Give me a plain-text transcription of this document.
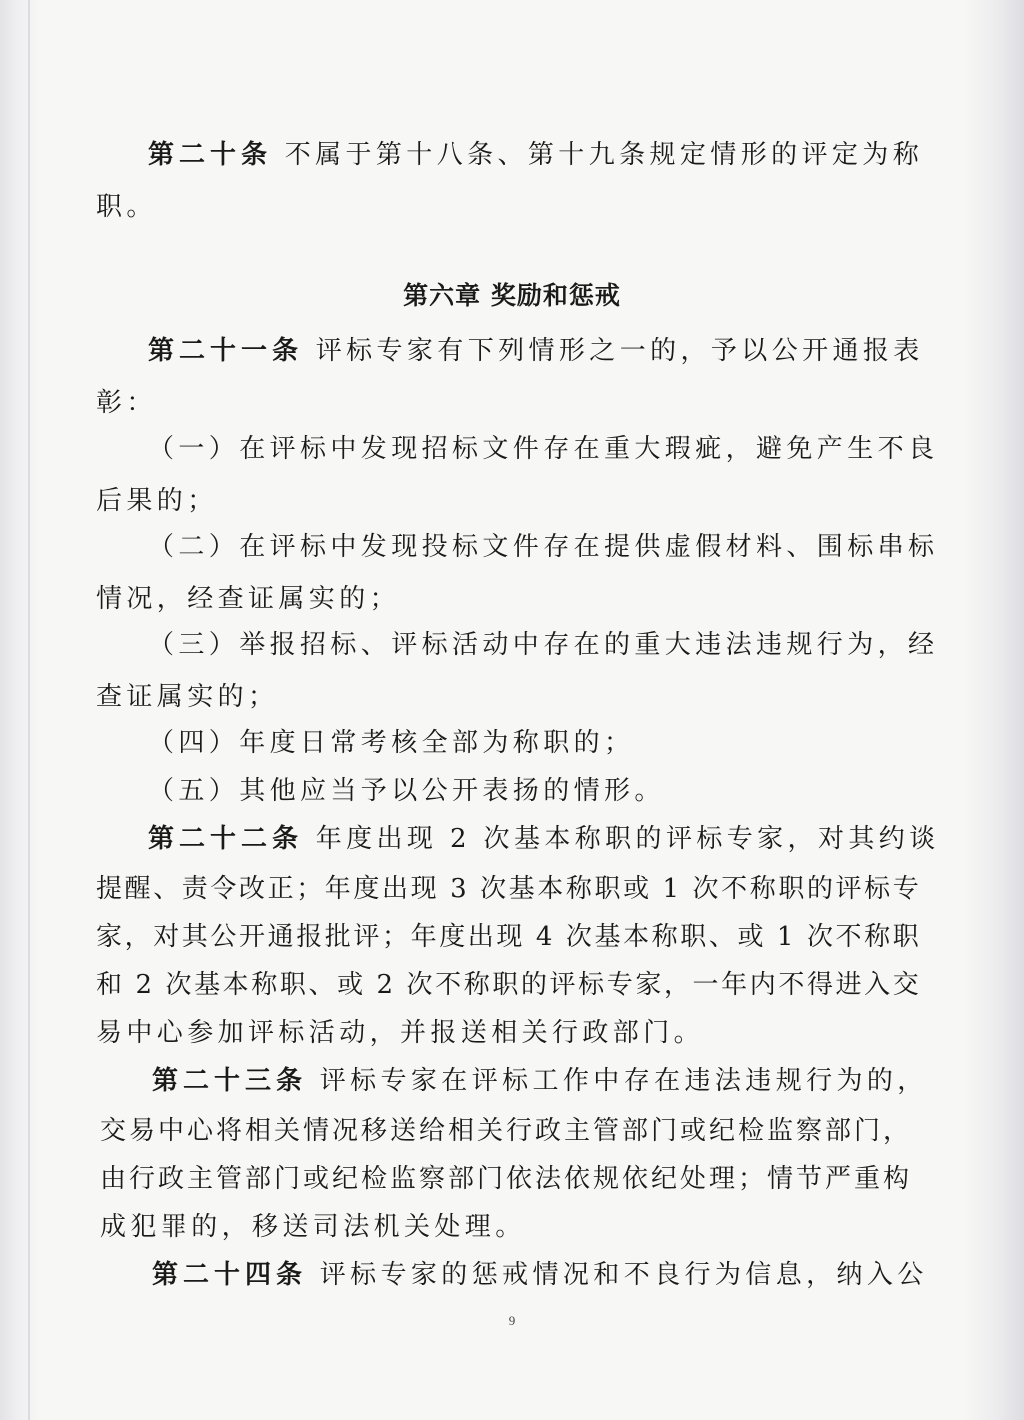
第二十条 不属于第十八条、第十九条规定情形的评定为称

职。

第六章 奖励和惩戒

第二十一条 评标专家有下列情形之一的，予以公开通报表

彰：

（一）在评标中发现招标文件存在重大瑕疵，避免产生不良

后果的；

（二）在评标中发现投标文件存在提供虚假材料、围标串标

情况，经查证属实的；

（三）举报招标、评标活动中存在的重大违法违规行为，经

查证属实的；

（四）年度日常考核全部为称职的；

（五）其他应当予以公开表扬的情形。

第二十二条 年度出现 2 次基本称职的评标专家，对其约谈

提醒、责令改正；年度出现 3 次基本称职或 1 次不称职的评标专

家，对其公开通报批评；年度出现 4 次基本称职、或 1 次不称职

和 2 次基本称职、或 2 次不称职的评标专家，一年内不得进入交

易中心参加评标活动，并报送相关行政部门。

第二十三条 评标专家在评标工作中存在违法违规行为的，

交易中心将相关情况移送给相关行政主管部门或纪检监察部门，

由行政主管部门或纪检监察部门依法依规依纪处理；情节严重构

成犯罪的，移送司法机关处理。

第二十四条 评标专家的惩戒情况和不良行为信息，纳入公

9
